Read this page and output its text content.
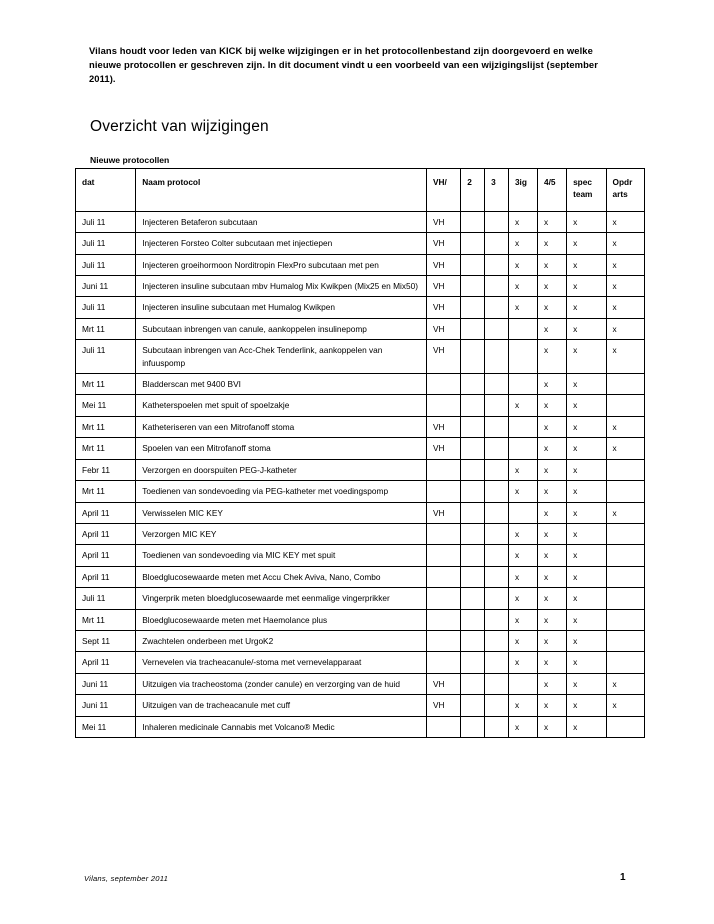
Vilans houdt voor leden van KICK bij welke wijzigingen er in het protocollenbestand zijn doorgevoerd en welke nieuwe protocollen er geschreven zijn. In dit document vindt u een voorbeeld van een wijzigingslijst (september 2011).
Overzicht van wijzigingen
Nieuwe protocollen
dat	Naam protocol	VH/	2	3	3ig	4/5	spec team	Opdr arts
Juli 11	Injecteren Betaferon subcutaan	VH			x	x	x	x
Juli 11	Injecteren Forsteo Colter subcutaan met injectiepen	VH			x	x	x	x
Juli 11	Injecteren groeihormoon Norditropin FlexPro subcutaan met pen	VH			x	x	x	x
Juni 11	Injecteren insuline subcutaan mbv Humalog Mix Kwikpen (Mix25 en Mix50)	VH			x	x	x	x
Juli 11	Injecteren insuline subcutaan met Humalog Kwikpen	VH			x	x	x	x
Mrt 11	Subcutaan inbrengen van canule, aankoppelen insulinepomp	VH				x	x	x
Juli 11	Subcutaan inbrengen van Acc-Chek Tenderlink, aankoppelen van infuuspomp	VH				x	x	x
Mrt 11	Bladderscan met 9400 BVI					x	x	
Mei 11	Katheterspoelen met spuit of spoelzakje				x	x	x	
Mrt 11	Katheteriseren van een Mitrofanoff stoma	VH				x	x	x
Mrt 11	Spoelen van een Mitrofanoff stoma	VH				x	x	x
Febr 11	Verzorgen en doorspuiten PEG-J-katheter				x	x	x	
Mrt 11	Toedienen van sondevoeding via PEG-katheter met voedingspomp				x	x	x	
April 11	Verwisselen MIC KEY	VH				x	x	x
April 11	Verzorgen MIC KEY				x	x	x	
April 11	Toedienen van sondevoeding via MIC KEY met spuit				x	x	x	
April 11	Bloedglucosewaarde meten met Accu Chek Aviva, Nano, Combo				x	x	x	
Juli 11	Vingerprik meten bloedglucosewaarde met eenmalige vingerprikker				x	x	x	
Mrt 11	Bloedglucosewaarde meten met Haemolance plus				x	x	x	
Sept 11	Zwachtelen onderbeen met UrgoK2				x	x	x	
April 11	Vernevelen via tracheacanule/-stoma met vernevelapparaat				x	x	x	
Juni 11	Uitzuigen via tracheostoma (zonder canule) en verzorging van de huid	VH				x	x	x
Juni 11	Uitzuigen van de tracheacanule met cuff	VH			x	x	x	x
Mei 11	Inhaleren medicinale Cannabis met Volcano® Medic				x	x	x	
Vilans, september 2011	1
